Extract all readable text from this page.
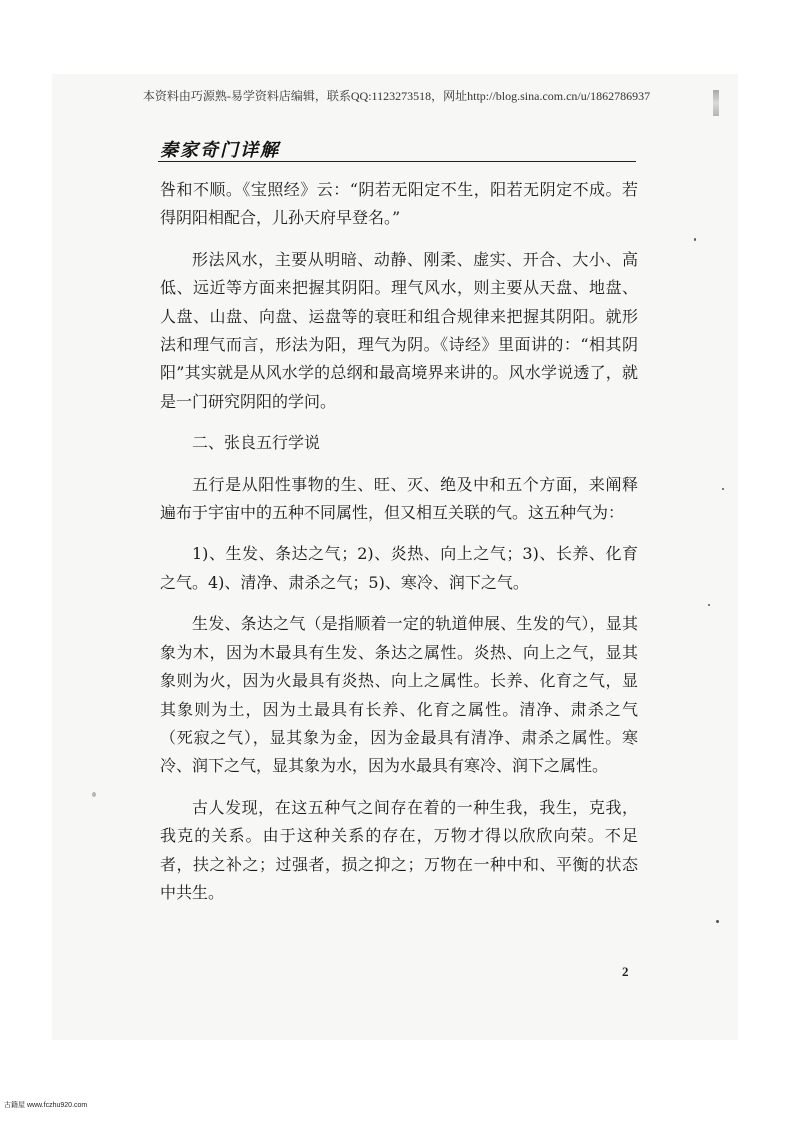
本资料由巧源熟-易学资料店编辑，联系QQ:1123273518，网址http://blog.sina.com.cn/u/1862786937
秦家奇门详解

咎和不顺。《宝照经》云：“阴若无阳定不生，阳若无阴定不成。若得阴阳相配合，儿孙天府早登名。”

形法风水，主要从明暗、动静、刚柔、虚实、开合、大小、高低、远近等方面来把握其阴阳。理气风水，则主要从天盘、地盘、人盘、山盘、向盘、运盘等的衰旺和组合规律来把握其阴阳。就形法和理气而言，形法为阳，理气为阴。《诗经》里面讲的：“相其阴阳”其实就是从风水学的总纲和最高境界来讲的。风水学说透了，就是一门研究阴阳的学问。

二、张良五行学说

五行是从阳性事物的生、旺、灭、绝及中和五个方面，来阐释遍布于宇宙中的五种不同属性，但又相互关联的气。这五种气为：

1)、生发、条达之气；2)、炎热、向上之气；3)、长养、化育之气。4)、清净、肃杀之气；5)、寒冷、润下之气。

生发、条达之气（是指顺着一定的轨道伸展、生发的气），显其象为木，因为木最具有生发、条达之属性。炎热、向上之气，显其象则为火，因为火最具有炎热、向上之属性。长养、化育之气，显其象则为土，因为土最具有长养、化育之属性。清净、肃杀之气（死寂之气），显其象为金，因为金最具有清净、肃杀之属性。寒冷、润下之气，显其象为水，因为水最具有寒冷、润下之属性。

古人发现，在这五种气之间存在着的一种生我，我生，克我，我克的关系。由于这种关系的存在，万物才得以欣欣向荣。不足者，扶之补之；过强者，损之抑之；万物在一种中和、平衡的状态中共生。

2
古籍屋 www.fczhu920.com
